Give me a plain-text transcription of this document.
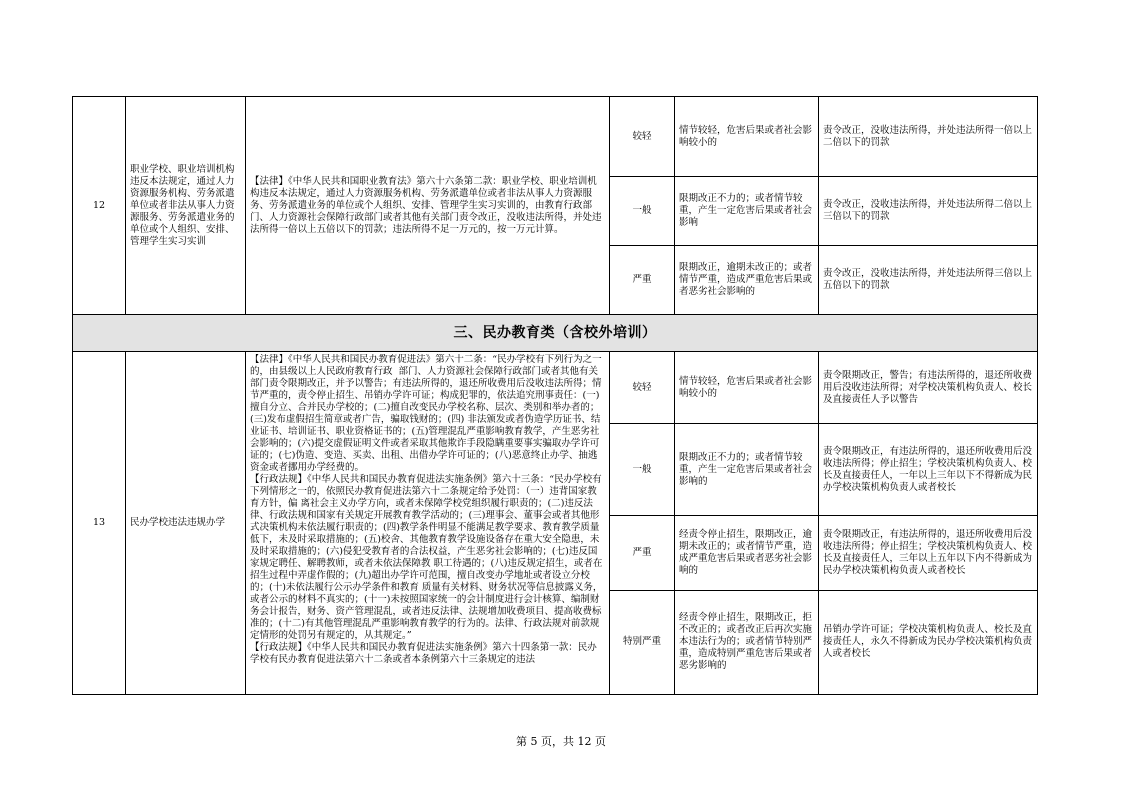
12	职业学校、职业培训机构违反本法规定，通过人力资源服务机构、劳务派遣单位或者非法从事人力资源服务、劳务派遣业务的单位或个人组织、安排、管理学生实习实训	【法律】《中华人民共和国职业教育法》第六十六条第二款：职业学校、职业培训机构违反本法规定，通过人力资源服务机构、劳务派遣单位或者非法从事人力资源服务、劳务派遣业务的单位或个人组织、安排、管理学生实习实训的，由教育行政部门、人力资源社会保障行政部门或者其他有关部门责令改正，没收违法所得，并处违法所得一倍以上五倍以下的罚款；违法所得不足一万元的，按一万元计算。	较轻	情节较轻，危害后果或者社会影响较小的	责令改正，没收违法所得，并处违法所得一倍以上二倍以下的罚款
			一般	限期改正不力的；或者情节较重，产生一定危害后果或者社会影响	责令改正，没收违法所得，并处违法所得二倍以上三倍以下的罚款
			严重	限期改正，逾期未改正的；或者情节严重，造成严重危害后果或者恶劣社会影响的	责令改正，没收违法所得，并处违法所得三倍以上五倍以下的罚款
三、民办教育类（含校外培训）					
13	民办学校违法违规办学	【法律】《中华人民共和国民办教育促进法》第六十二条：“民办学校有下列行为之一的，由县级以上人民政府教育行政  部门、人力资源社会保障行政部门或者其他有关部门责令限期改正，并予以警告；有违法所得的，退还所收费用后没收违法所得；情节严重的，责令停止招生、吊销办学许可证；构成犯罪的，依法追究刑事责任：(一)擅自分立、合并民办学校的；(二)擅自改变民办学校名称、层次、类别和举办者的；(三)发布虚假招生简章或者广告，骗取钱财的；(四) 非法颁发或者伪造学历证书、结业证书、培训证书、职业资格证书的；(五)管理混乱严重影响教育教学，产生恶劣社会影响的；(六)提交虚假证明文件或者采取其他欺诈手段隐瞒重要事实骗取办学许可证的；(七)伪造、变造、买卖、出租、出借办学许可证的；(八)恶意终止办学、抽逃资金或者挪用办学经费的。
【行政法规】《中华人民共和国民办教育促进法实施条例》第六十三条：“民办学校有下列情形之一的，依照民办教育促进法第六十二条规定给予处罚：（一）违背国家教育方针，偏 离社会主义办学方向，或者未保障学校党组织履行职责的；(二)违反法律、行政法规和国家有关规定开展教育教学活动的；(三)理事会、董事会或者其他形式决策机构未依法履行职责的；(四)教学条件明显不能满足教学要求、教育教学质量低下，未及时采取措施的；(五)校舍、其他教育教学设施设备存在重大安全隐患，未及时采取措施的；(六)侵犯受教育者的合法权益，产生恶劣社会影响的；(七)违反国家规定聘任、解聘教师，或者未依法保障教 职工待遇的；(八)违反规定招生，或者在招生过程中弄虚作假的；(九)超出办学许可范围，擅自改变办学地址或者设立分校的；(十)未依法履行公示办学条件和教育 质量有关材料、财务状况等信息披露义务，或者公示的材料不真实的；(十一)未按照国家统一的会计制度进行会计核算、编制财务会计报告，财务、资产管理混乱，或者违反法律、法规增加收费项目、提高收费标准的；(十二)有其他管理混乱严重影响教育教学的行为的。法律、行政法规对前款规定情形的处罚另有规定的，从其规定。”
【行政法规】《中华人民共和国民办教育促进法实施条例》第六十四条第一款：民办学校有民办教育促进法第六十二条或者本条例第六十三条规定的违法	较轻	情节较轻，危害后果或者社会影响较小的	责令限期改正，警告；有违法所得的，退还所收费用后没收违法所得；对学校决策机构负责人、校长及直接责任人予以警告
			一般	限期改正不力的；或者情节较重，产生一定危害后果或者社会影响的	责令限期改正，有违法所得的，退还所收费用后没收违法所得；停止招生；学校决策机构负责人、校长及直接责任人，一年以上三年以下不得新成为民办学校决策机构负责人或者校长
			严重	经责令停止招生，限期改正，逾期未改正的；或者情节严重，造成严重危害后果或者恶劣社会影响的	责令限期改正，有违法所得的，退还所收费用后没收违法所得；停止招生；学校决策机构负责人、校长及直接责任人，三年以上五年以下内不得新成为民办学校决策机构负责人或者校长
			特别严重	经责令停止招生，限期改正，拒不改正的；或者改正后再次实施本违法行为的；或者情节特别严重，造成特别严重危害后果或者恶劣影响的	吊销办学许可证；学校决策机构负责人、校长及直接责任人，永久不得新成为民办学校决策机构负责人或者校长
第 5 页，共 12 页
